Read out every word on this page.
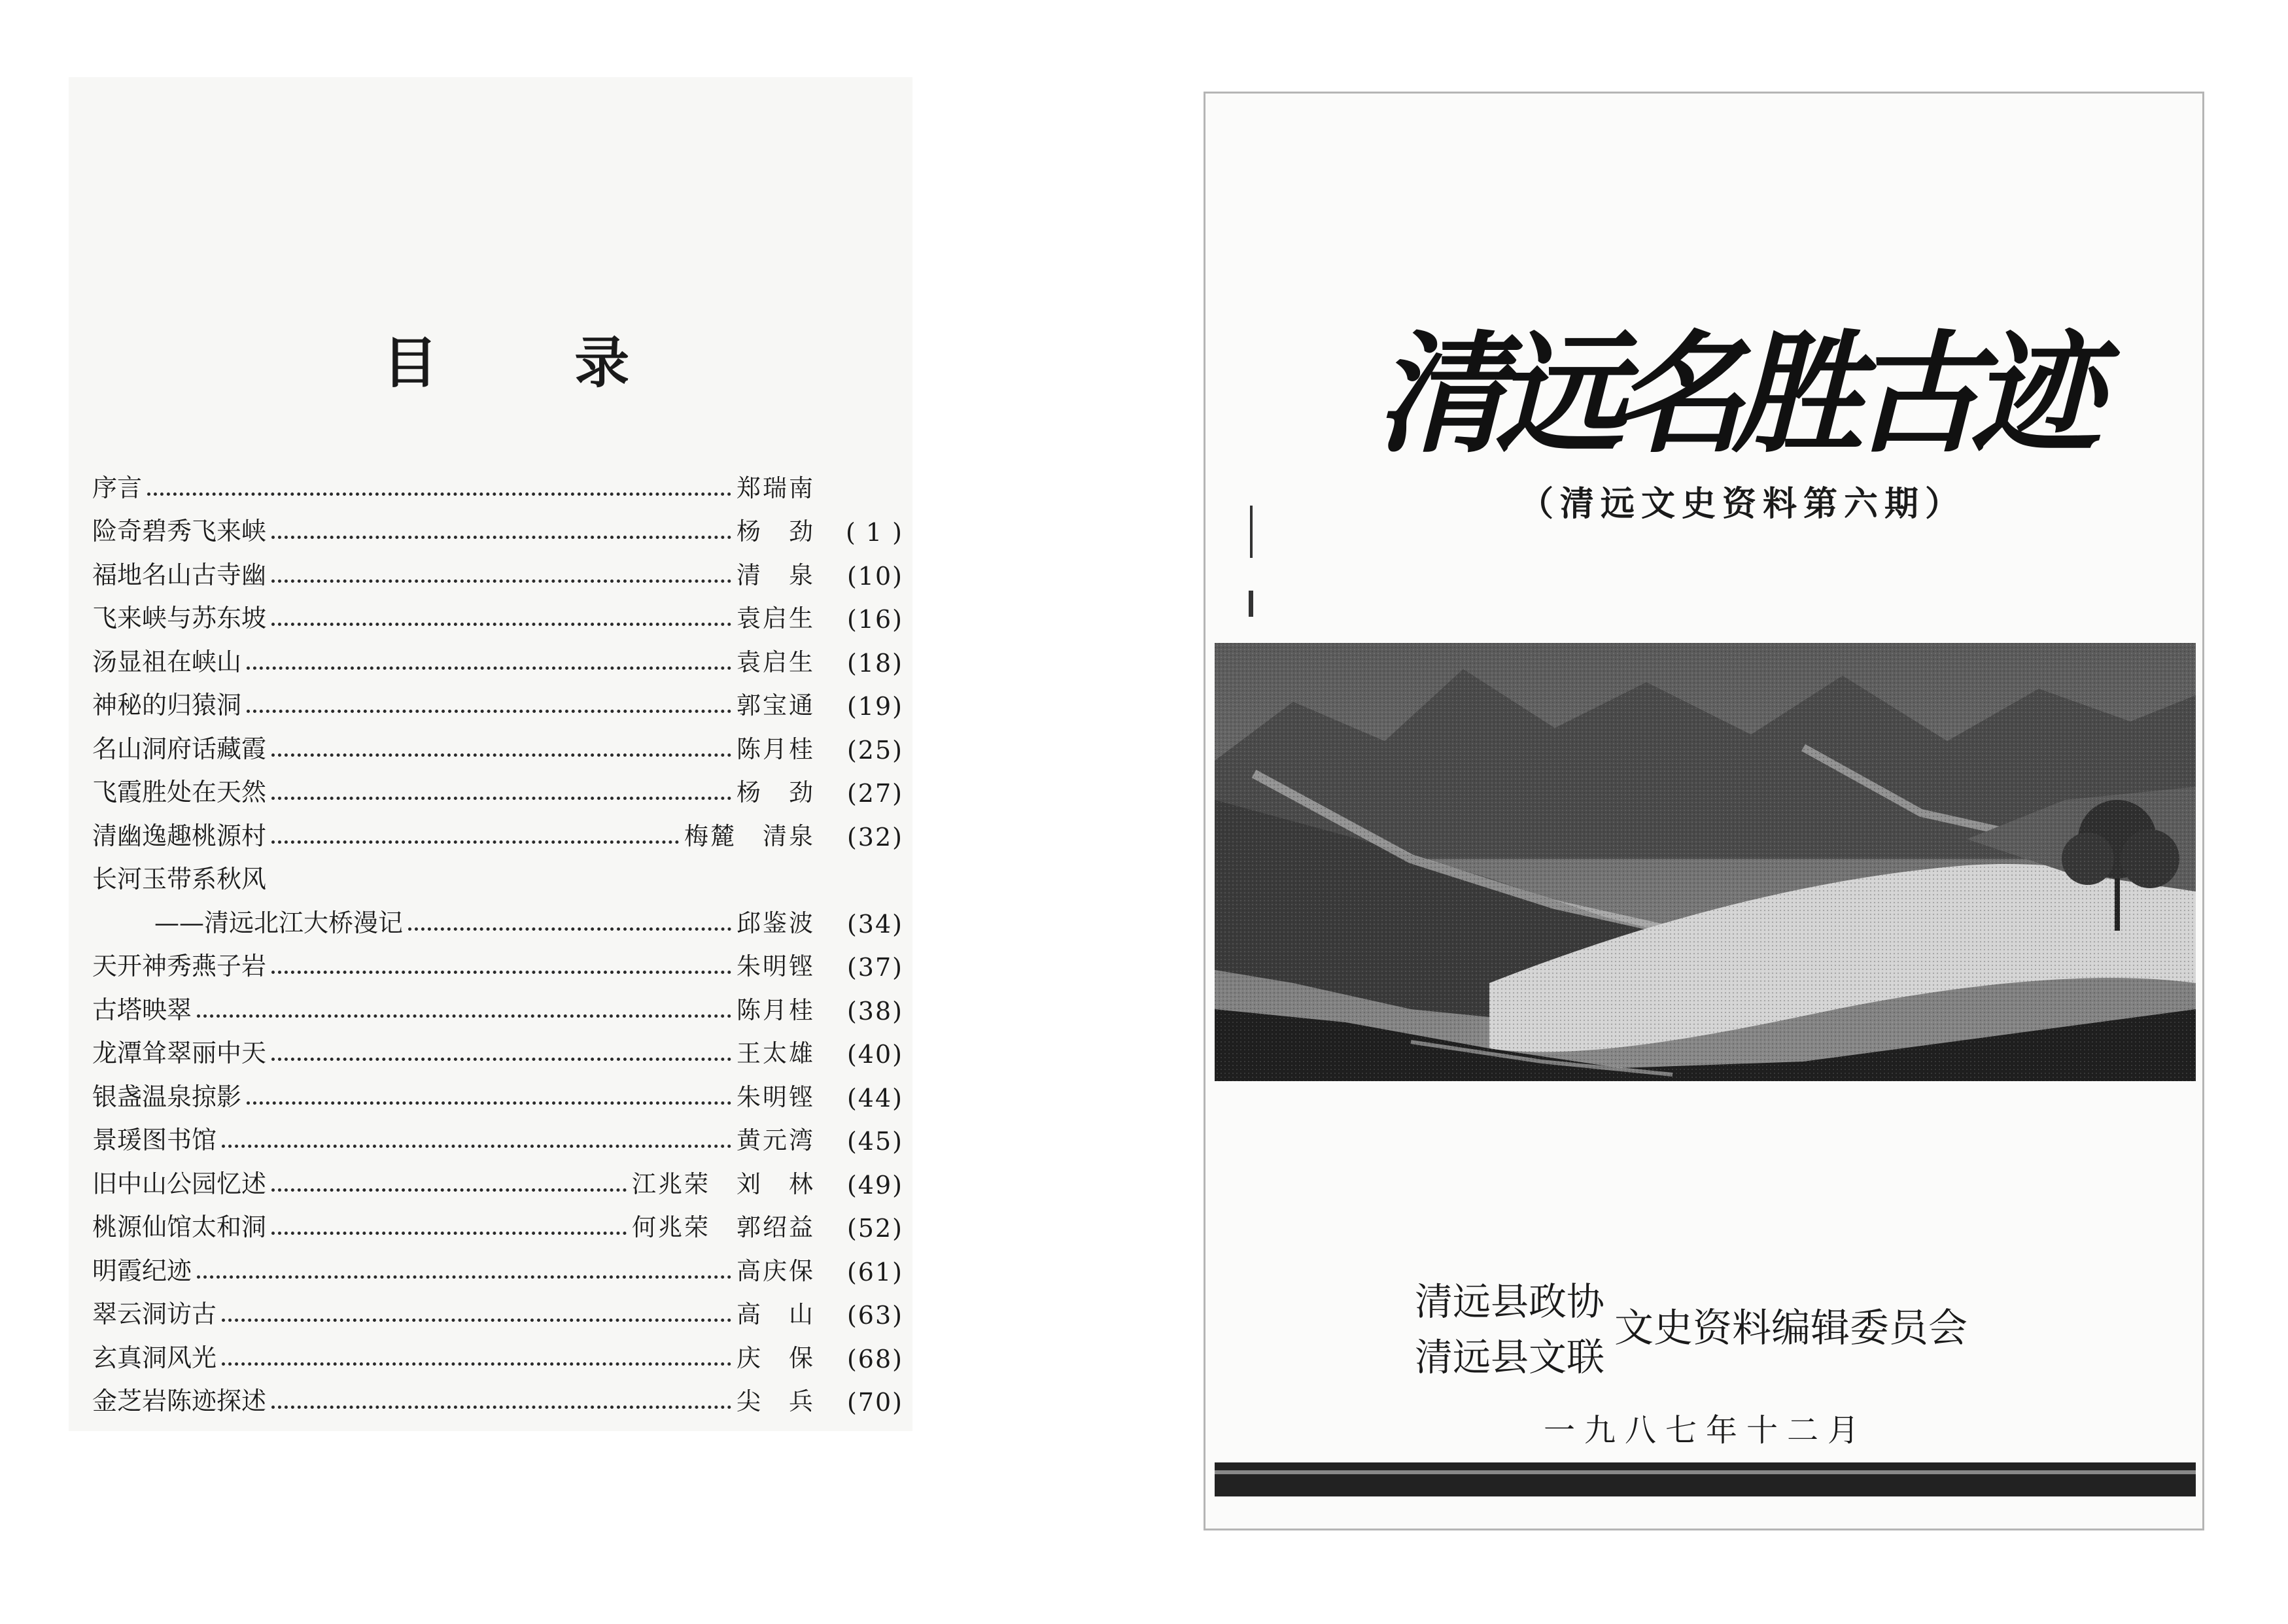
目 录
序言	郑瑞南
险奇碧秀飞来峡	杨　劲	( 1 )
福地名山古寺幽	清　泉	(10)
飞来峡与苏东坡	袁启生	(16)
汤显祖在峡山	袁启生	(18)
神秘的归猿洞	郭宝通	(19)
名山洞府话藏霞	陈月桂	(25)
飞霞胜处在天然	杨　劲	(27)
清幽逸趣桃源村	梅麓　清泉	(32)
长河玉带系秋风
——清远北江大桥漫记	邱鉴波	(34)
天开神秀燕子岩	朱明铿	(37)
古塔映翠	陈月桂	(38)
龙潭耸翠丽中天	王太雄	(40)
银盏温泉掠影	朱明铿	(44)
景瑗图书馆	黄元湾	(45)
旧中山公园忆述	江兆荣　刘　林	(49)
桃源仙馆太和洞	何兆荣　郭绍益	(52)
明霞纪迹	高庆保	(61)
翠云洞访古	高　山	(63)
玄真洞风光	庆　保	(68)
金芝岩陈迹探述	尖　兵	(70)
清远名胜古迹
（清远文史资料第六期）
清远县政协
清远县文联
文史资料编辑委员会
一九八七年十二月
